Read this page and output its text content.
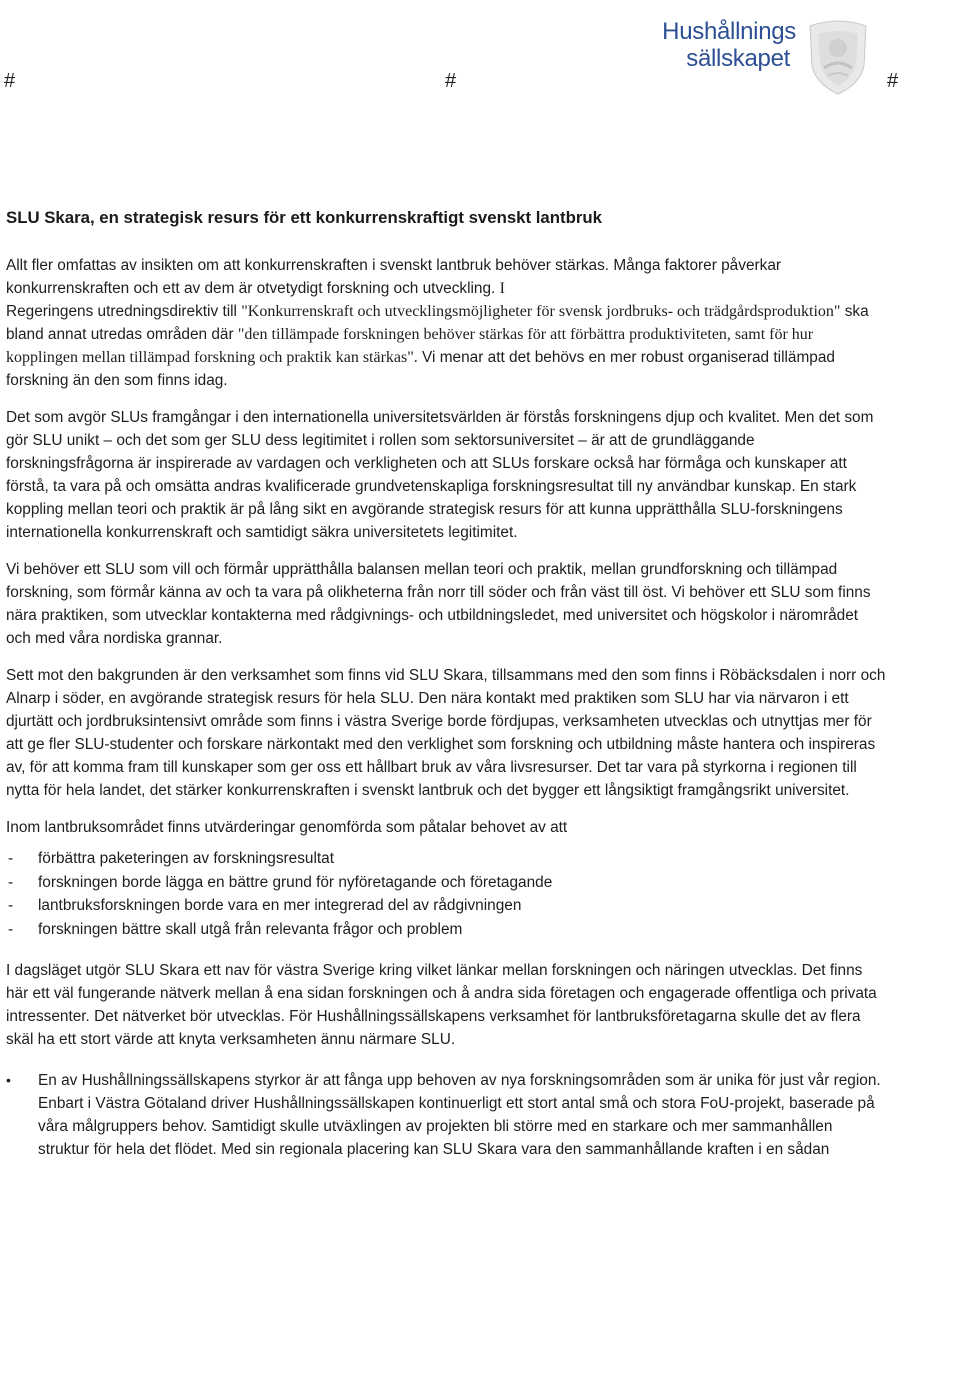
Hushållnings
sällskapet
#	#	#
SLU Skara, en strategisk resurs för ett konkurrenskraftigt svenskt lantbruk

Allt fler omfattas av insikten om att konkurrenskraften i svenskt lantbruk behöver stärkas. Många faktorer påverkar konkurrenskraften och ett av dem är otvetydigt forskning och utveckling. I
Regeringens utredningsdirektiv till "Konkurrenskraft och utvecklingsmöjligheter för svensk jordbruks- och trädgårdsproduktion" ska bland annat utredas områden där "den tillämpade forskningen behöver stärkas för att förbättra produktiviteten, samt för hur kopplingen mellan tillämpad forskning och praktik kan stärkas". Vi menar att det behövs en mer robust organiserad tillämpad forskning än den som finns idag.

Det som avgör SLUs framgångar i den internationella universitetsvärlden är förstås forskningens djup och kvalitet. Men det som gör SLU unikt – och det som ger SLU dess legitimitet i rollen som sektorsuniversitet – är att de grundläggande forskningsfrågorna är inspirerade av vardagen och verkligheten och att SLUs forskare också har förmåga och kunskaper att förstå, ta vara på och omsätta andras kvalificerade grundvetenskapliga forskningsresultat till ny användbar kunskap. En stark koppling mellan teori och praktik är på lång sikt en avgörande strategisk resurs för att kunna upprätthålla SLU-forskningens internationella konkurrenskraft och samtidigt säkra universitetets legitimitet.

Vi behöver ett SLU som vill och förmår upprätthålla balansen mellan teori och praktik, mellan grundforskning och tillämpad forskning, som förmår känna av och ta vara på olikheterna från norr till söder och från väst till öst. Vi behöver ett SLU som finns nära praktiken, som utvecklar kontakterna med rådgivnings- och utbildningsledet, med universitet och högskolor i närområdet och med våra nordiska grannar.

Sett mot den bakgrunden är den verksamhet som finns vid SLU Skara, tillsammans med den som finns i Röbäcksdalen i norr och Alnarp i söder, en avgörande strategisk resurs för hela SLU. Den nära kontakt med praktiken som SLU har via närvaron i ett djurtätt och jordbruksintensivt område som finns i västra Sverige borde fördjupas, verksamheten utvecklas och utnyttjas mer för att ge fler SLU-studenter och forskare närkontakt med den verklighet som forskning och utbildning måste hantera och inspireras av, för att komma fram till kunskaper som ger oss ett hållbart bruk av våra livsresurser. Det tar vara på styrkorna i regionen till nytta för hela landet, det stärker konkurrenskraften i svenskt lantbruk och det bygger ett långsiktigt framgångsrikt universitet.

Inom lantbruksområdet finns utvärderingar genomförda som påtalar behovet av att

- förbättra paketeringen av forskningsresultat
- forskningen borde lägga en bättre grund för nyföretagande och företagande
- lantbruksforskningen borde vara en mer integrerad del av rådgivningen
- forskningen bättre skall utgå från relevanta frågor och problem

I dagsläget utgör SLU Skara ett nav för västra Sverige kring vilket länkar mellan forskningen och näringen utvecklas. Det finns här ett väl fungerande nätverk mellan å ena sidan forskningen och å andra sida företagen och engagerade offentliga och privata intressenter. Det nätverket bör utvecklas. För Hushållningssällskapens verksamhet för lantbruksföretagarna skulle det av flera skäl ha ett stort värde att knyta verksamheten ännu närmare SLU.

• En av Hushållningssällskapens styrkor är att fånga upp behoven av nya forskningsområden som är unika för just vår region. Enbart i Västra Götaland driver Hushållningssällskapen kontinuerligt ett stort antal små och stora FoU-projekt, baserade på våra målgruppers behov. Samtidigt skulle utväxlingen av projekten bli större med en starkare och mer sammanhållen struktur för hela det flödet. Med sin regionala placering kan SLU Skara vara den sammanhållande kraften i en sådan
